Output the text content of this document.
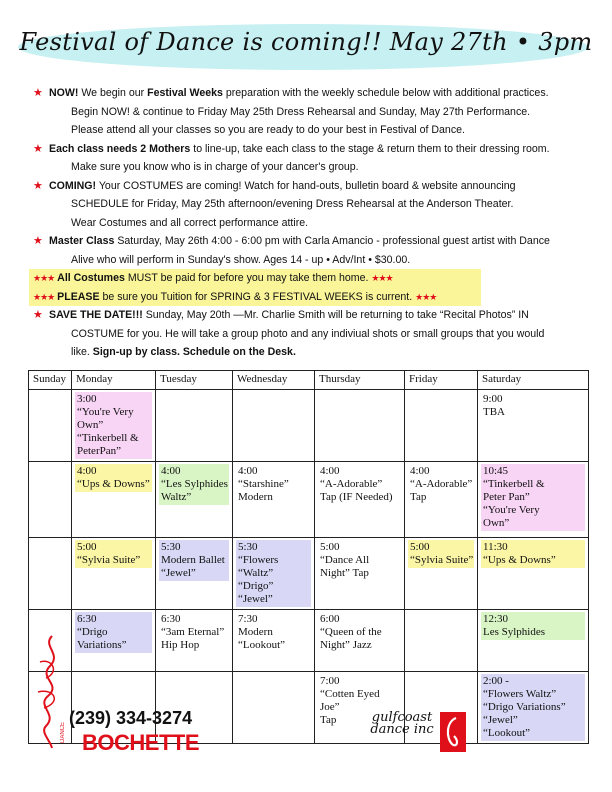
Festival of Dance is coming!! May 27th • 3pm
★ NOW! We begin our Festival Weeks preparation with the weekly schedule below with additional practices.
Begin NOW! & continue to Friday May 25th Dress Rehearsal and Sunday, May 27th Performance.
Please attend all your classes so you are ready to do your best in Festival of Dance.
★ Each class needs 2 Mothers to line-up, take each class to the stage & return them to their dressing room.
Make sure you know who is in charge of your dancer's group.
★ COMING! Your COSTUMES are coming! Watch for hand-outs, bulletin board & website announcing
SCHEDULE for Friday, May 25th afternoon/evening Dress Rehearsal at the Anderson Theater.
Wear Costumes and all correct performance attire.
★ Master Class Saturday, May 26th 4:00 - 6:00 pm with Carla Amancio - professional guest artist with Dance
Alive who will perform in Sunday's show. Ages 14 - up • Adv/Int • $30.00.
★★★ All Costumes MUST be paid for before you may take them home. ★★★
★★★ PLEASE be sure you Tuition for SPRING & 3 FESTIVAL WEEKS is current. ★★★
★ SAVE THE DATE!!! Sunday, May 20th —Mr. Charlie Smith will be returning to take “Recital Photos” IN
COSTUME for you. He will take a group photo and any indiviual shots or small groups that you would
like. Sign-up by class. Schedule on the Desk.
Sunday	Monday	Tuesday	Wednesday	Thursday	Friday	Saturday

	3:00
“You're Very
Own”
“Tinkerbell &
PeterPan”					9:00
TBA

	4:00
“Ups & Downs”	4:00
“Les Sylphides
Waltz”	4:00
“Starshine”
Modern	4:00
“A-Adorable”
Tap (IF Needed)	4:00
“A-Adorable”
Tap	10:45
“Tinkerbell &
Peter Pan”
“You're Very
Own”

	5:00
“Sylvia Suite”	5:30
Modern Ballet
“Jewel”	5:30
“Flowers
“Waltz”
“Drigo”
“Jewel”	5:00
“Dance All
Night” Tap	5:00
“Sylvia Suite”	11:30
“Ups & Downs”

	6:30
“Drigo
Variations”	6:30
“3am Eternal”
Hip Hop	7:30
Modern
“Lookout”	6:00
“Queen of the
Night” Jazz		12:30
Les Sylphides

				7:00
“Cotten Eyed
Joe”
Tap		2:00 -
“Flowers Waltz”
“Drigo Variations”
“Jewel”
“Lookout”
DANCE
(239) 334-3274
BOCHETTE
gulfcoast dance inc
